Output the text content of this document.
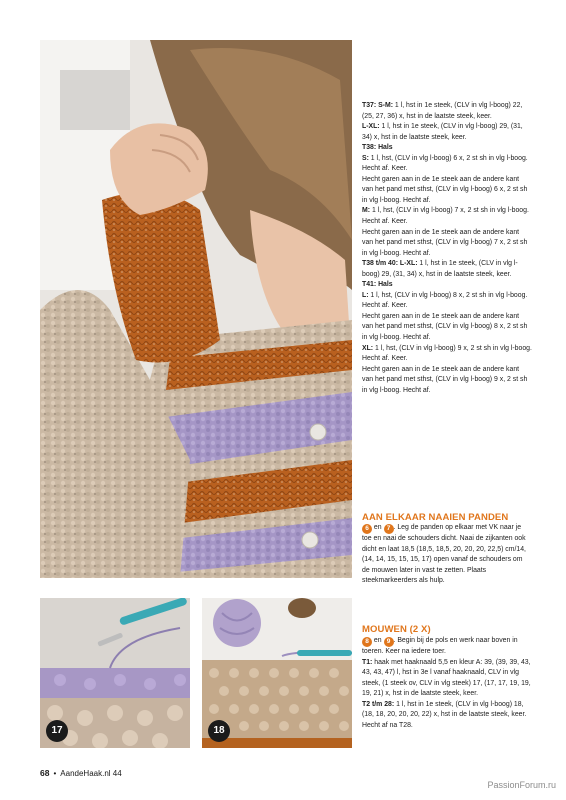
17	18

T37: S-M: 1 l, hst in 1e steek, (CLV in vlg l-boog) 22, (25, 27, 36) x, hst in de laatste steek, keer.

L-XL: 1 l, hst in 1e steek, (CLV in vlg l-boog) 29, (31, 34) x, hst in de laatste steek, keer.

T38: Hals

S: 1 l, hst, (CLV in vlg l-boog) 6 x, 2 st sh in vlg l-boog. Hecht af. Keer.

Hecht garen aan in de 1e steek aan de andere kant van het pand met sthst, (CLV in vlg l-boog) 6 x, 2 st sh in vlg l-boog. Hecht af.

M: 1 l, hst, (CLV in vlg l-boog) 7 x, 2 st sh in vlg l-boog. Hecht af. Keer.

Hecht garen aan in de 1e steek aan de andere kant van het pand met sthst, (CLV in vlg l-boog) 7 x, 2 st sh in vlg l-boog. Hecht af.

T38 t/m 40: L-XL: 1 l, hst in 1e steek, (CLV in vlg l-boog) 29, (31, 34) x, hst in de laatste steek, keer.

T41: Hals

L: 1 l, hst, (CLV in vlg l-boog) 8 x, 2 st sh in vlg l-boog. Hecht af. Keer.

Hecht garen aan in de 1e steek aan de andere kant van het pand met sthst, (CLV in vlg l-boog) 8 x, 2 st sh in vlg l-boog. Hecht af.

XL: 1 l, hst, (CLV in vlg l-boog) 9 x, 2 st sh in vlg l-boog. Hecht af. Keer.

Hecht garen aan in de 1e steek aan de andere kant van het pand met sthst, (CLV in vlg l-boog) 9 x, 2 st sh in vlg l-boog. Hecht af.

AAN ELKAAR NAAIEN PANDEN
6 en 7 . Leg de panden op elkaar met VK naar je toe en naai de schouders dicht. Naai de zijkanten ook dicht en laat 18,5 (18,5, 18,5, 20, 20, 20, 22,5) cm/14, (14, 14, 15, 15, 15, 17) open vanaf de schouders om de mouwen later in vast te zetten. Plaats steekmarkeerders als hulp.
MOUWEN (2 X)

8 en 9 . Begin bij de pols en werk naar boven in toeren. Keer na iedere toer.

T1: haak met haaknaald 5,5 en kleur A: 39, (39, 39, 43, 43, 43, 47) l, hst in 3e l vanaf haaknaald, CLV in vlg steek, (1 steek ov, CLV in vlg steek) 17, (17, 17, 19, 19, 19, 21) x, hst in de laatste steek, keer.

T2 t/m 28: 1 l, hst in 1e steek, (CLV in vlg l-boog) 18, (18, 18, 20, 20, 20, 22) x, hst in de laatste steek, keer. Hecht af na T28.

68 • AandeHaak.nl 44
PassionForum.ru
